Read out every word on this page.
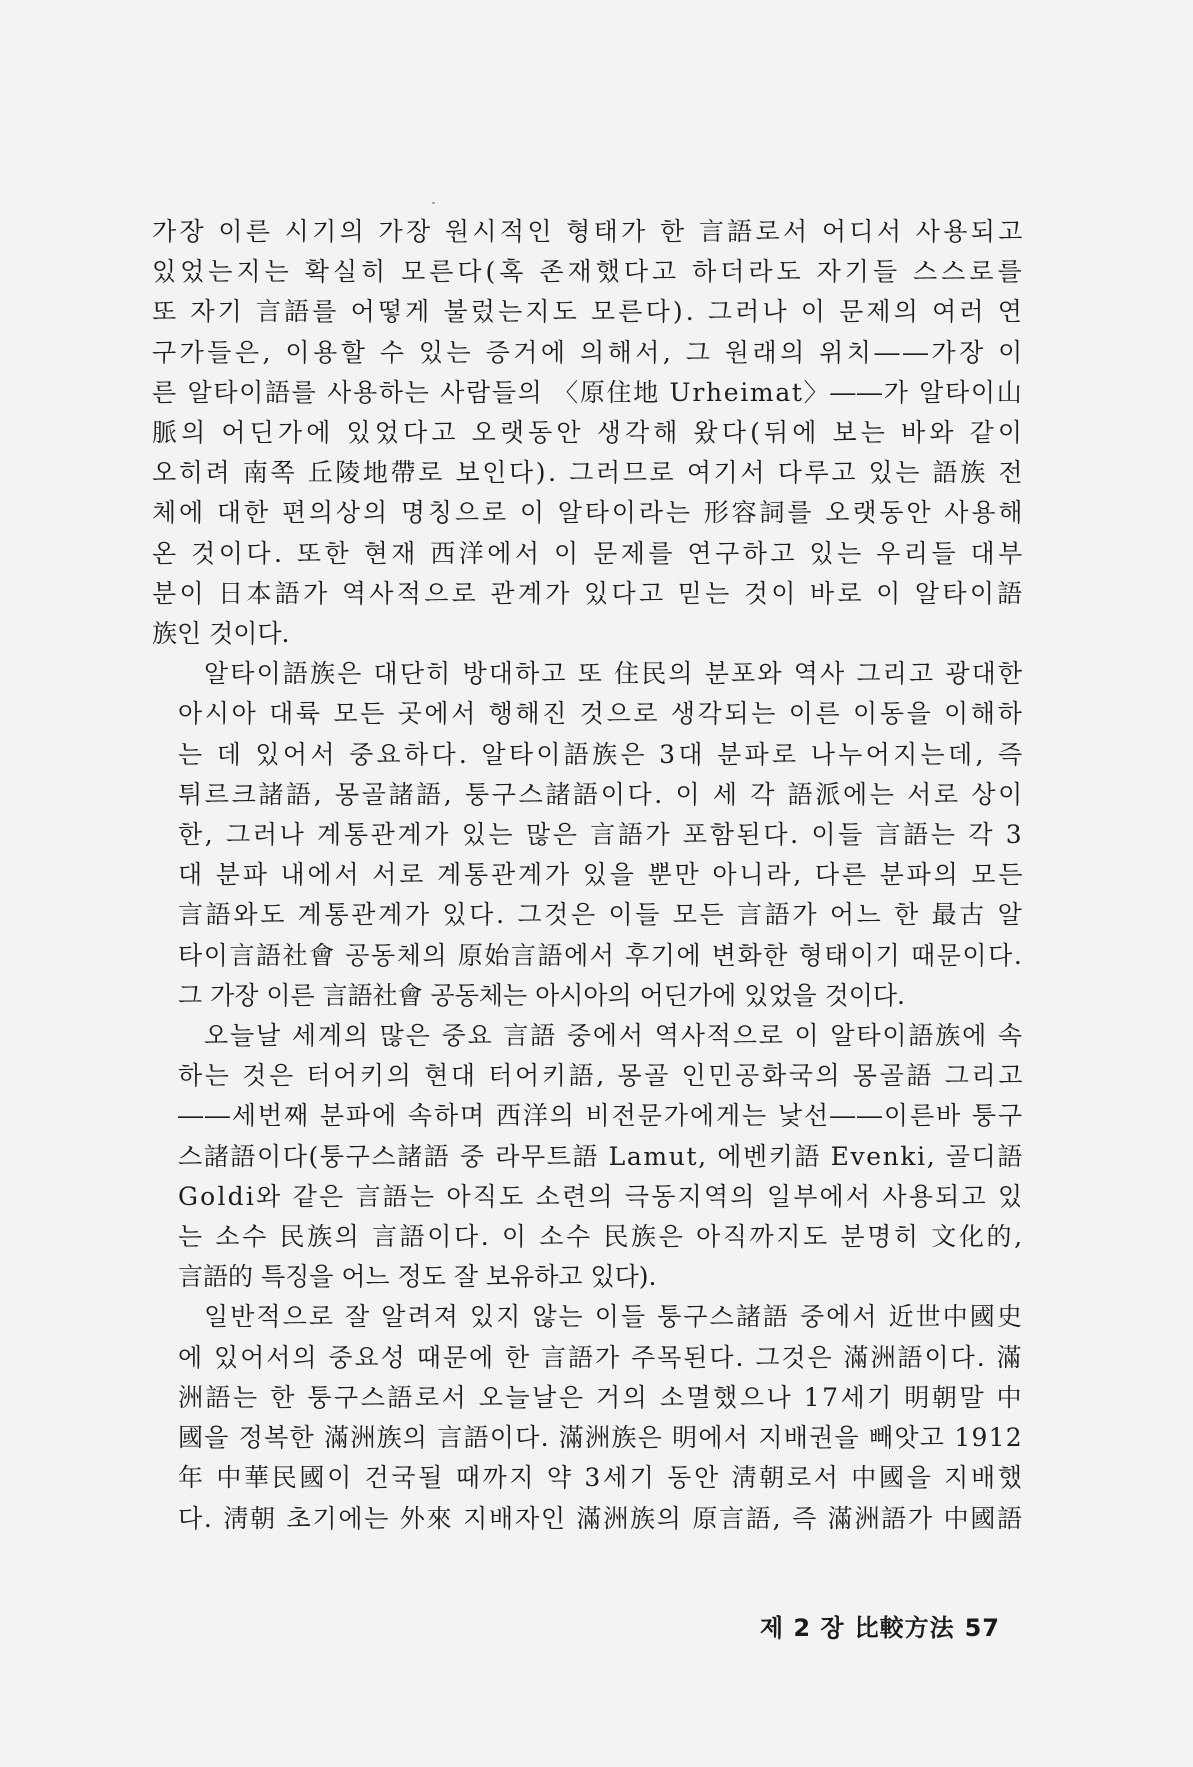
가장 이른 시기의 가장 원시적인 형태가 한 言語로서 어디서 사용되고
있었는지는 확실히 모른다(혹 존재했다고 하더라도 자기들 스스로를
또 자기 言語를 어떻게 불렀는지도 모른다). 그러나 이 문제의 여러 연
구가들은, 이용할 수 있는 증거에 의해서, 그 원래의 위치――가장 이
른 알타이語를 사용하는 사람들의 〈原住地 Urheimat〉――가 알타이山
脈의 어딘가에 있었다고 오랫동안 생각해 왔다(뒤에 보는 바와 같이
오히려 南쪽 丘陵地帶로 보인다). 그러므로 여기서 다루고 있는 語族 전
체에 대한 편의상의 명칭으로 이 알타이라는 形容詞를 오랫동안 사용해
온 것이다. 또한 현재 西洋에서 이 문제를 연구하고 있는 우리들 대부
분이 日本語가 역사적으로 관계가 있다고 믿는 것이 바로 이 알타이語
族인 것이다.

알타이語族은 대단히 방대하고 또 住民의 분포와 역사 그리고 광대한
아시아 대륙 모든 곳에서 행해진 것으로 생각되는 이른 이동을 이해하
는 데 있어서 중요하다. 알타이語族은 3대 분파로 나누어지는데, 즉
튀르크諸語, 몽골諸語, 퉁구스諸語이다. 이 세 각 語派에는 서로 상이
한, 그러나 계통관계가 있는 많은 言語가 포함된다. 이들 言語는 각 3
대 분파 내에서 서로 계통관계가 있을 뿐만 아니라, 다른 분파의 모든
言語와도 계통관계가 있다. 그것은 이들 모든 言語가 어느 한 最古 알
타이言語社會 공동체의 原始言語에서 후기에 변화한 형태이기 때문이다.
그 가장 이른 言語社會 공동체는 아시아의 어딘가에 있었을 것이다.

오늘날 세계의 많은 중요 言語 중에서 역사적으로 이 알타이語族에 속
하는 것은 터어키의 현대 터어키語, 몽골 인민공화국의 몽골語 그리고
――세번째 분파에 속하며 西洋의 비전문가에게는 낯선――이른바 퉁구
스諸語이다(퉁구스諸語 중 라무트語 Lamut, 에벤키語 Evenki, 골디語
Goldi와 같은 言語는 아직도 소련의 극동지역의 일부에서 사용되고 있
는 소수 民族의 言語이다. 이 소수 民族은 아직까지도 분명히 文化的,
言語的 특징을 어느 정도 잘 보유하고 있다).

일반적으로 잘 알려져 있지 않는 이들 퉁구스諸語 중에서 近世中國史
에 있어서의 중요성 때문에 한 言語가 주목된다. 그것은 滿洲語이다. 滿
洲語는 한 퉁구스語로서 오늘날은 거의 소멸했으나 17세기 明朝말 中
國을 정복한 滿洲族의 言語이다. 滿洲族은 明에서 지배권을 빼앗고 1912
年 中華民國이 건국될 때까지 약 3세기 동안 淸朝로서 中國을 지배했
다. 淸朝 초기에는 外來 지배자인 滿洲族의 原言語, 즉 滿洲語가 中國語

제 2 장 比較方法 57
